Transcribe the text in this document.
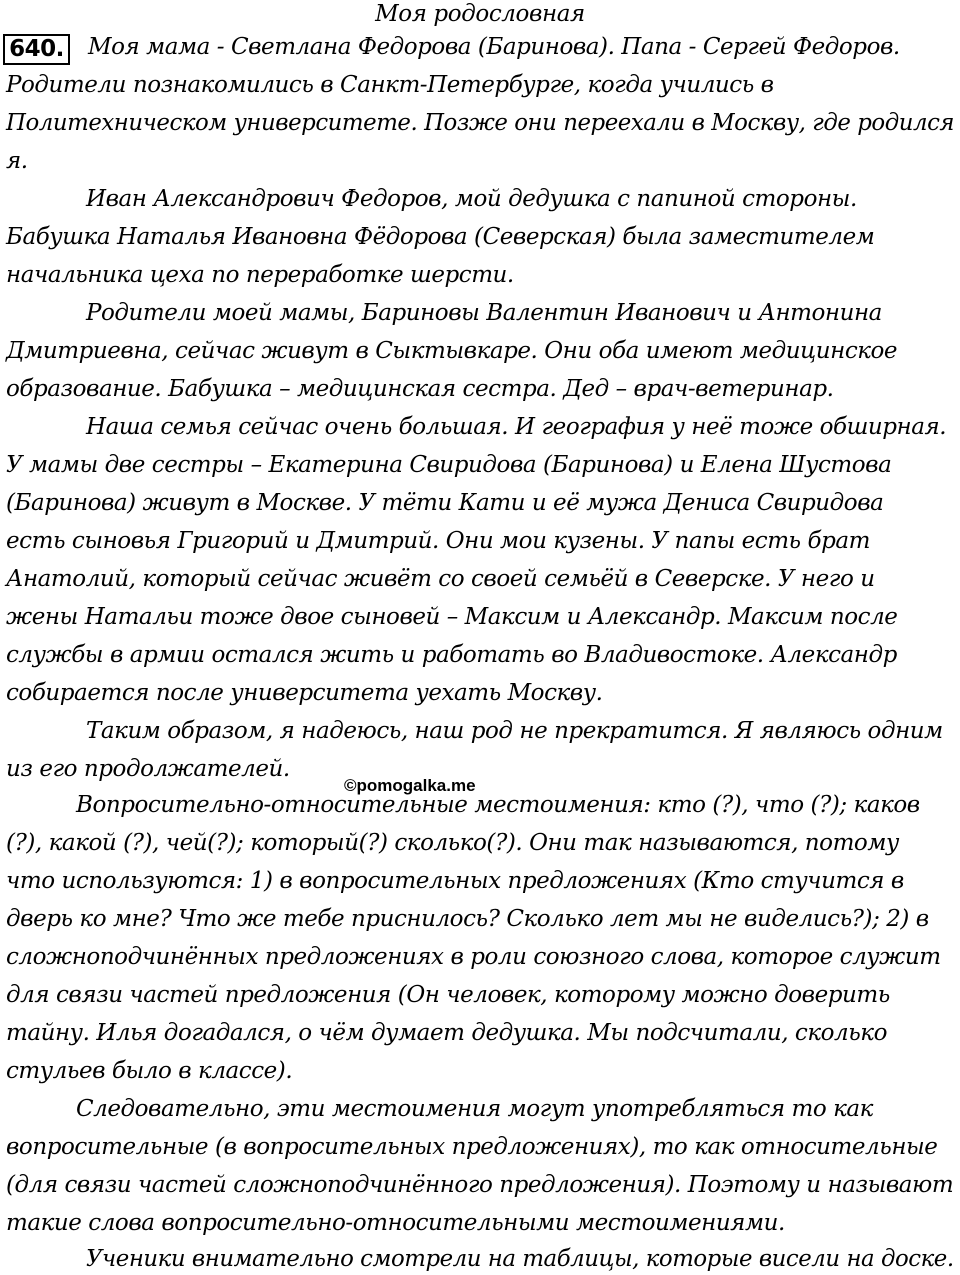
Моя родословная
640. Моя мама - Светлана Федорова (Баринова). Папа - Сергей Федоров.
Родители познакомились в Санкт-Петербурге, когда учились в
Политехническом университете. Позже они переехали в Москву, где родился
я.
Иван Александрович Федоров, мой дедушка с папиной стороны.
Бабушка Наталья Ивановна Фёдорова (Северская) была заместителем
начальника цеха по переработке шерсти.
Родители моей мамы, Бариновы Валентин Иванович и Антонина
Дмитриевна, сейчас живут в Сыктывкаре. Они оба имеют медицинское
образование. Бабушка – медицинская сестра. Дед – врач-ветеринар.
Наша семья сейчас очень большая. И география у неё тоже обширная.
У мамы две сестры – Екатерина Свиридова (Баринова) и Елена Шустова
(Баринова) живут в Москве. У тёти Кати и её мужа Дениса Свиридова
есть сыновья Григорий и Дмитрий. Они мои кузены. У папы есть брат
Анатолий, который сейчас живёт со своей семьёй в Северске. У него и
жены Натальи тоже двое сыновей – Максим и Александр. Максим после
службы в армии остался жить и работать во Владивостоке. Александр
собирается после университета уехать Москву.
Таким образом, я надеюсь, наш род не прекратится. Я являюсь одним
из его продолжателей.
©pomogalka.me
Вопросительно-относительные местоимения: кто (?), что (?); каков
(?), какой (?), чей(?); который(?) сколько(?). Они так называются, потому
что используются: 1) в вопросительных предложениях (Кто стучится в
дверь ко мне? Что же тебе приснилось? Сколько лет мы не виделись?); 2) в
сложноподчинённых предложениях в роли союзного слова, которое служит
для связи частей предложения (Он человек, которому можно доверить
тайну. Илья догадался, о чём думает дедушка. Мы подсчитали, сколько
стульев было в классе).
Следовательно, эти местоимения могут употребляться то как
вопросительные (в вопросительных предложениях), то как относительные
(для связи частей сложноподчинённого предложения). Поэтому и называют
такие слова вопросительно-относительными местоимениями.
Ученики внимательно смотрели на таблицы, которые висели на доске.
